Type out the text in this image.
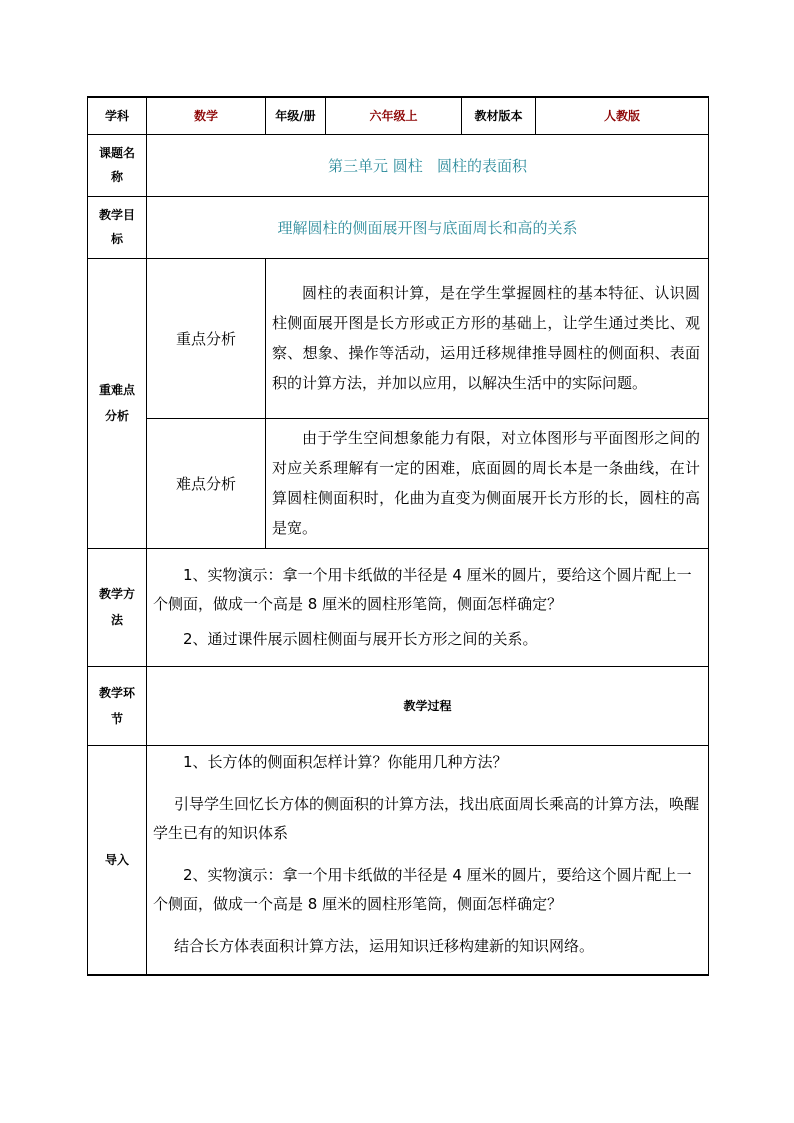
学科	数学	年级/册	六年级上	教材版本	人教版
课题名称	第三单元 圆柱   圆柱的表面积				
教学目标	理解圆柱的侧面展开图与底面周长和高的关系				
重难点分析	重点分析	圆柱的表面积计算，是在学生掌握圆柱的基本特征、认识圆柱侧面展开图是长方形或正方形的基础上，让学生通过类比、观察、想象、操作等活动，运用迁移规律推导圆柱的侧面积、表面积的计算方法，并加以应用，以解决生活中的实际问题。			

	难点分析	由于学生空间想象能力有限，对立体图形与平面图形之间的对应关系理解有一定的困难，底面圆的周长本是一条曲线，在计算圆柱侧面积时，化曲为直变为侧面展开长方形的长，圆柱的高是宽。			

教学方法	1、实物演示：拿一个用卡纸做的半径是 4 厘米的圆片，要给这个圆片配上一个侧面，做成一个高是 8 厘米的圆柱形笔筒，侧面怎样确定？

2、通过课件展示圆柱侧面与展开长方形之间的关系。				

教学环节	教学过程				
导入	1、长方体的侧面积怎样计算？你能用几种方法？

引导学生回忆长方体的侧面积的计算方法，找出底面周长乘高的计算方法，唤醒学生已有的知识体系

2、实物演示：拿一个用卡纸做的半径是 4 厘米的圆片，要给这个圆片配上一个侧面，做成一个高是 8 厘米的圆柱形笔筒，侧面怎样确定？

结合长方体表面积计算方法，运用知识迁移构建新的知识网络。				
